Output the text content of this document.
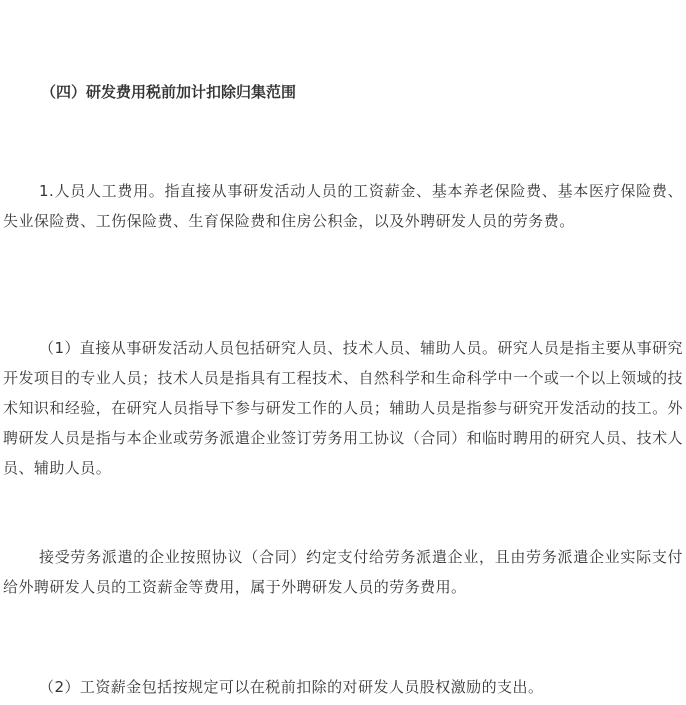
（四）研发费用税前加计扣除归集范围

1.人员人工费用。指直接从事研发活动人员的工资薪金、基本养老保险费、基本医疗保险费、失业保险费、工伤保险费、生育保险费和住房公积金，以及外聘研发人员的劳务费。

（1）直接从事研发活动人员包括研究人员、技术人员、辅助人员。研究人员是指主要从事研究开发项目的专业人员；技术人员是指具有工程技术、自然科学和生命科学中一个或一个以上领域的技术知识和经验，在研究人员指导下参与研发工作的人员；辅助人员是指参与研究开发活动的技工。外聘研发人员是指与本企业或劳务派遣企业签订劳务用工协议（合同）和临时聘用的研究人员、技术人员、辅助人员。

接受劳务派遣的企业按照协议（合同）约定支付给劳务派遣企业，且由劳务派遣企业实际支付给外聘研发人员的工资薪金等费用，属于外聘研发人员的劳务费用。

（2）工资薪金包括按规定可以在税前扣除的对研发人员股权激励的支出。
